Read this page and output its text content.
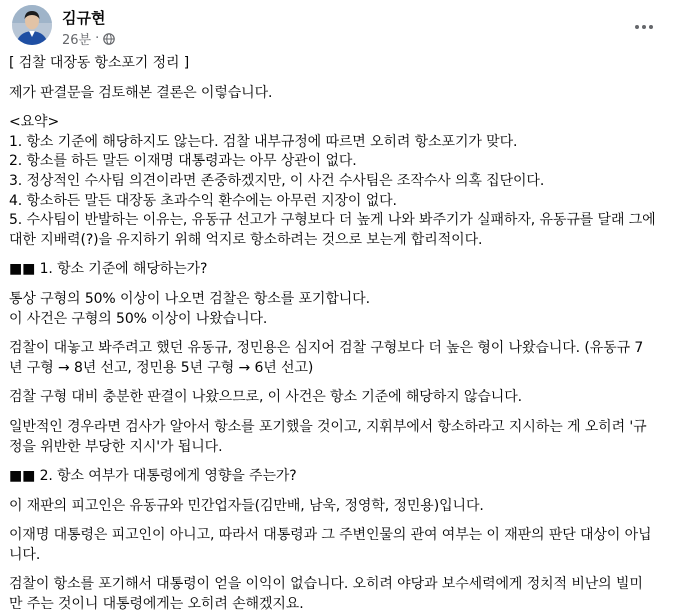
김규현
26분 ·

[ 검찰 대장동 항소포기 정리 ]

제가 판결문을 검토해본 결론은 이렇습니다.

<요약>

1. 항소 기준에 해당하지도 않는다. 검찰 내부규정에 따르면 오히려 항소포기가 맞다.

2. 항소를 하든 말든 이재명 대통령과는 아무 상관이 없다.

3. 정상적인 수사팀 의견이라면 존중하겠지만, 이 사건 수사팀은 조작수사 의혹 집단이다.

4. 항소하든 말든 대장동 초과수익 환수에는 아무런 지장이 없다.

5. 수사팀이 반발하는 이유는, 유동규 선고가 구형보다 더 높게 나와 봐주기가 실패하자, 유동규를 달래 그에

대한 지배력(?)을 유지하기 위해 억지로 항소하려는 것으로 보는게 합리적이다.

■■ 1. 항소 기준에 해당하는가?

통상 구형의 50% 이상이 나오면 검찰은 항소를 포기합니다.

이 사건은 구형의 50% 이상이 나왔습니다.

검찰이 대놓고 봐주려고 했던 유동규, 정민용은 심지어 검찰 구형보다 더 높은 형이 나왔습니다. (유동규 7

년 구형 → 8년 선고, 정민용 5년 구형 → 6년 선고)

검찰 구형 대비 충분한 판결이 나왔으므로, 이 사건은 항소 기준에 해당하지 않습니다.

일반적인 경우라면 검사가 알아서 항소를 포기했을 것이고, 지휘부에서 항소하라고 지시하는 게 오히려 '규

정을 위반한 부당한 지시'가 됩니다.

■■ 2. 항소 여부가 대통령에게 영향을 주는가?

이 재판의 피고인은 유동규와 민간업자들(김만배, 남욱, 정영학, 정민용)입니다.

이재명 대통령은 피고인이 아니고, 따라서 대통령과 그 주변인물의 관여 여부는 이 재판의 판단 대상이 아닙니다.

검찰이 항소를 포기해서 대통령이 얻을 이익이 없습니다. 오히려 야당과 보수세력에게 정치적 비난의 빌미

만 주는 것이니 대통령에게는 오히려 손해겠지요.
